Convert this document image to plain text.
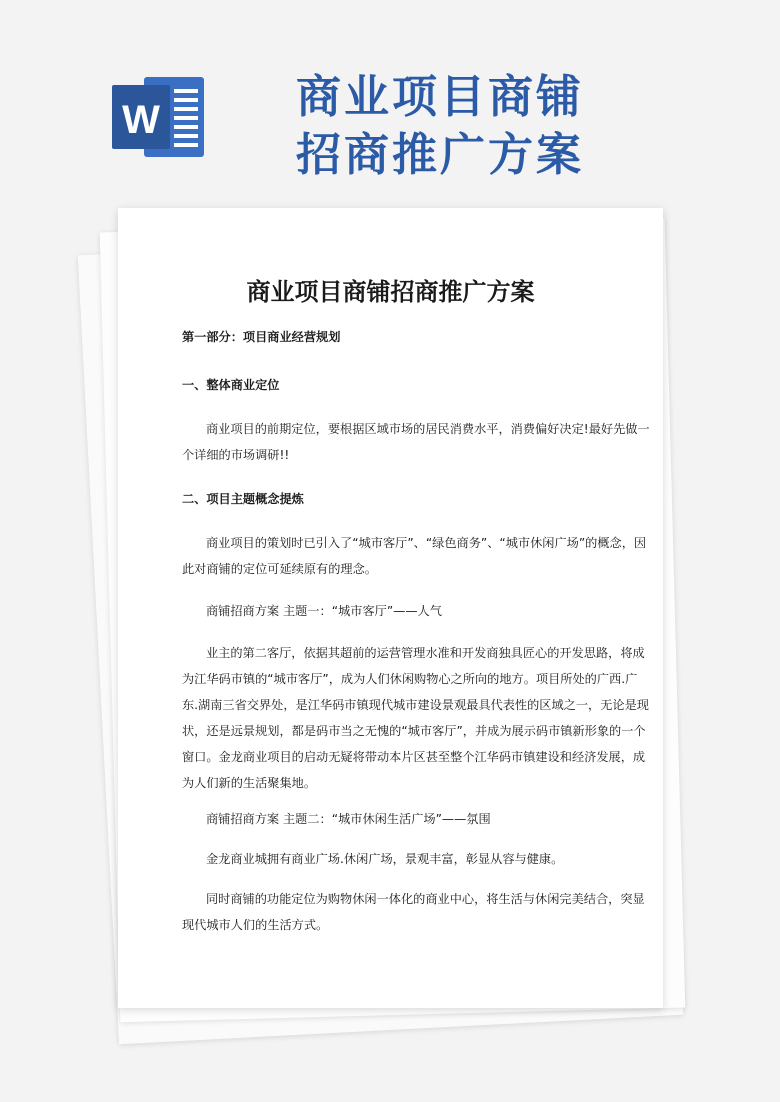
W	商业项目商铺
招商推广方案
商业项目商铺招商推广方案

第一部分：项目商业经营规划

一、整体商业定位

商业项目的前期定位，要根据区域市场的居民消费水平，消费偏好决定!最好先做一个详细的市场调研!!

二、项目主题概念提炼

商业项目的策划时已引入了“城市客厅”、“绿色商务”、“城市休闲广场”的概念，因此对商铺的定位可延续原有的理念。

商铺招商方案 主题一：“城市客厅”——人气

业主的第二客厅，依据其超前的运营管理水准和开发商独具匠心的开发思路，将成为江华码市镇的“城市客厅”，成为人们休闲购物心之所向的地方。项目所处的广西.广东.湖南三省交界处，是江华码市镇现代城市建设景观最具代表性的区域之一，无论是现状，还是远景规划，都是码市当之无愧的“城市客厅”，并成为展示码市镇新形象的一个窗口。金龙商业项目的启动无疑将带动本片区甚至整个江华码市镇建设和经济发展，成为人们新的生活聚集地。

商铺招商方案 主题二：“城市休闲生活广场”——氛围

金龙商业城拥有商业广场.休闲广场，景观丰富，彰显从容与健康。

同时商铺的功能定位为购物休闲一体化的商业中心，将生活与休闲完美结合，突显现代城市人们的生活方式。
